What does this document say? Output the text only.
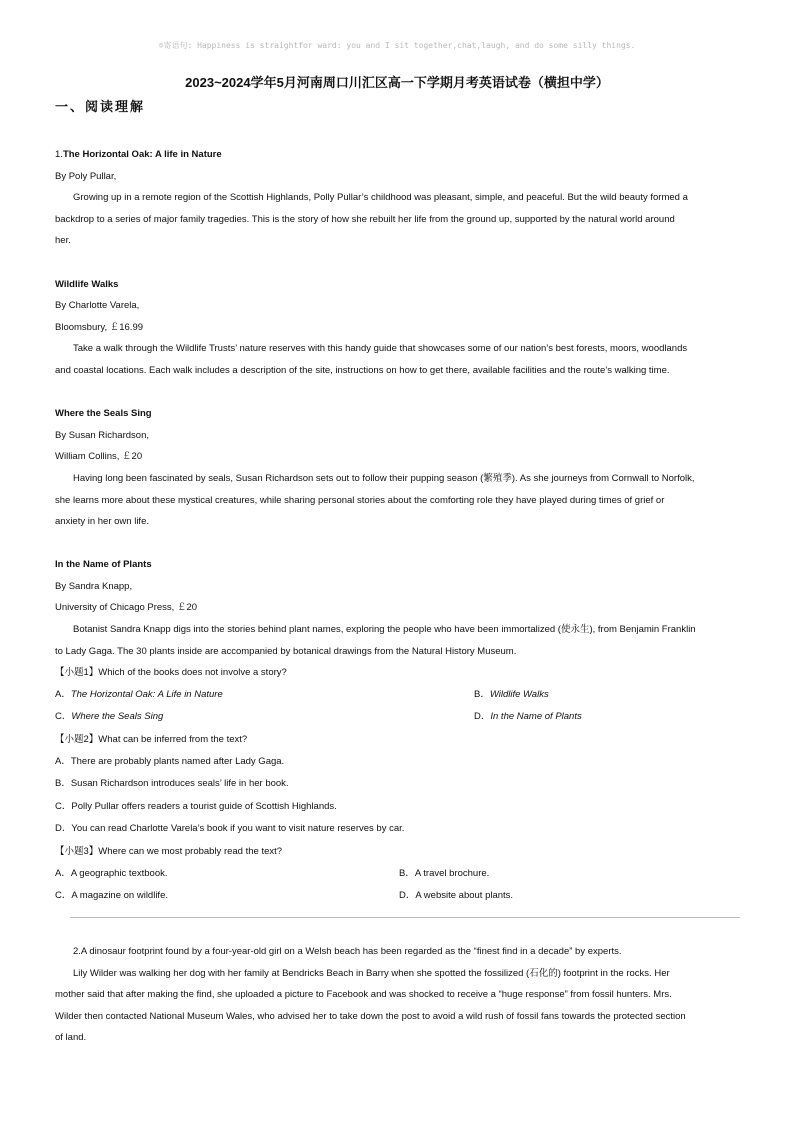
☺寄语句: Happiness is straightfor ward: you and I sit together,chat,laugh, and do some silly things.
2023~2024学年5月河南周口川汇区高一下学期月考英语试卷（横担中学）
一、阅读理解
1.The Horizontal Oak: A life in Nature
By Poly Pullar,
Growing up in a remote region of the Scottish Highlands, Polly Pullar’s childhood was pleasant, simple, and peaceful. But the wild beauty formed a
backdrop to a series of major family tragedies. This is the story of how she rebuilt her life from the ground up, supported by the natural world around
her.
Wildlife Walks
By Charlotte Varela,
Bloomsbury, ￡16.99
Take a walk through the Wildlife Trusts’ nature reserves with this handy guide that showcases some of our nation’s best forests, moors, woodlands
and coastal locations. Each walk includes a description of the site, instructions on how to get there, available facilities and the route’s walking time.
Where the Seals Sing
By Susan Richardson,
William Collins, ￡20
Having long been fascinated by seals, Susan Richardson sets out to follow their pupping season (繁殖季). As she journeys from Cornwall to Norfolk,
she learns more about these mystical creatures, while sharing personal stories about the comforting role they have played during times of grief or
anxiety in her own life.
In the Name of Plants
By Sandra Knapp,
University of Chicago Press, ￡20
Botanist Sandra Knapp digs into the stories behind plant names, exploring the people who have been immortalized (使永生), from Benjamin Franklin
to Lady Gaga. The 30 plants inside are accompanied by botanical drawings from the Natural History Museum.
【小题1】Which of the books does not involve a story?
A．The Horizontal Oak: A Life in Nature	B．Wildlife Walks
C．Where the Seals Sing	D．In the Name of Plants
【小题2】What can be inferred from the text?
A．There are probably plants named after Lady Gaga.
B．Susan Richardson introduces seals’ life in her book.
C．Polly Pullar offers readers a tourist guide of Scottish Highlands.
D．You can read Charlotte Varela’s book if you want to visit nature reserves by car.
【小题3】Where can we most probably read the text?
A．A geographic textbook.	B．A travel brochure.
C．A magazine on wildlife.	D．A website about plants.
2.A dinosaur footprint found by a four-year-old girl on a Welsh beach has been regarded as the “finest find in a decade” by experts.
Lily Wilder was walking her dog with her family at Bendricks Beach in Barry when she spotted the fossilized (石化的) footprint in the rocks. Her
mother said that after making the find, she uploaded a picture to Facebook and was shocked to receive a “huge response” from fossil hunters. Mrs.
Wilder then contacted National Museum Wales, who advised her to take down the post to avoid a wild rush of fossil fans towards the protected section
of land.
